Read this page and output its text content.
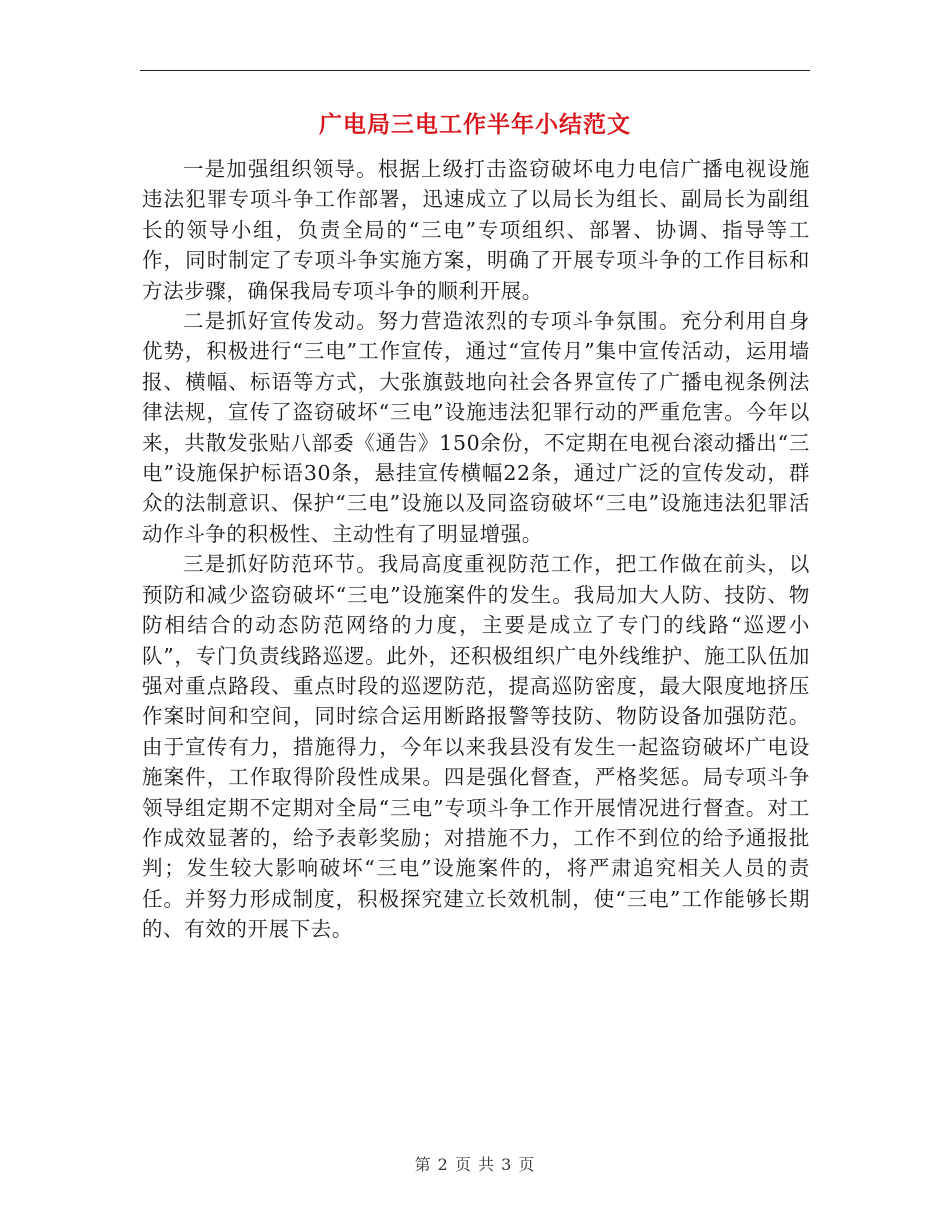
广电局三电工作半年小结范文

一是加强组织领导。根据上级打击盗窃破坏电力电信广播电视设施违法犯罪专项斗争工作部署，迅速成立了以局长为组长、副局长为副组长的领导小组，负责全局的“三电”专项组织、部署、协调、指导等工作，同时制定了专项斗争实施方案，明确了开展专项斗争的工作目标和方法步骤，确保我局专项斗争的顺利开展。

二是抓好宣传发动。努力营造浓烈的专项斗争氛围。充分利用自身优势，积极进行“三电”工作宣传，通过“宣传月”集中宣传活动，运用墙报、横幅、标语等方式，大张旗鼓地向社会各界宣传了广播电视条例法律法规，宣传了盗窃破坏“三电”设施违法犯罪行动的严重危害。今年以来，共散发张贴八部委《通告》150余份，不定期在电视台滚动播出“三电”设施保护标语30条，悬挂宣传横幅22条，通过广泛的宣传发动，群众的法制意识、保护“三电”设施以及同盗窃破坏“三电”设施违法犯罪活动作斗争的积极性、主动性有了明显增强。

三是抓好防范环节。我局高度重视防范工作，把工作做在前头，以预防和减少盗窃破坏“三电”设施案件的发生。我局加大人防、技防、物防相结合的动态防范网络的力度，主要是成立了专门的线路“巡逻小队”，专门负责线路巡逻。此外，还积极组织广电外线维护、施工队伍加强对重点路段、重点时段的巡逻防范，提高巡防密度，最大限度地挤压作案时间和空间，同时综合运用断路报警等技防、物防设备加强防范。由于宣传有力，措施得力，今年以来我县没有发生一起盗窃破坏广电设施案件，工作取得阶段性成果。四是强化督查，严格奖惩。局专项斗争领导组定期不定期对全局“三电”专项斗争工作开展情况进行督查。对工作成效显著的，给予表彰奖励；对措施不力，工作不到位的给予通报批判；发生较大影响破坏“三电”设施案件的，将严肃追究相关人员的责任。并努力形成制度，积极探究建立长效机制，使“三电”工作能够长期的、有效的开展下去。

第 2 页 共 3 页
